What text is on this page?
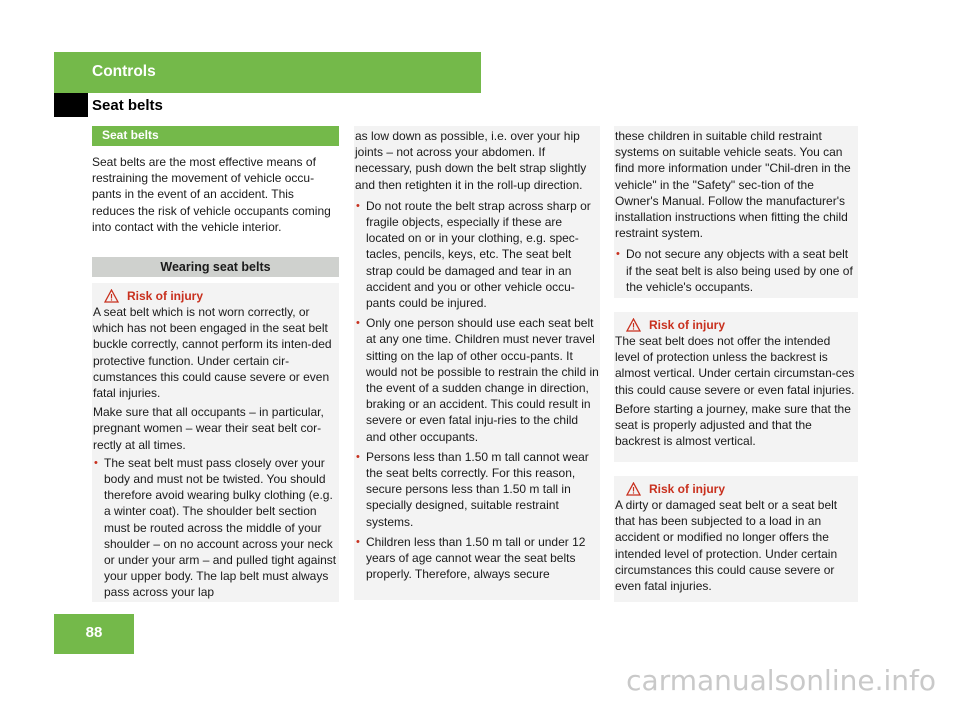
Controls
Seat belts
Seat belts

Seat belts are the most effective means of restraining the movement of vehicle occu-pants in the event of an accident. This reduces the risk of vehicle occupants coming into contact with the vehicle interior.

Wearing seat belts
Risk of injury

A seat belt which is not worn correctly, or which has not been engaged in the seat belt buckle correctly, cannot perform its inten-ded protective function. Under certain cir-cumstances this could cause severe or even fatal injuries.

Make sure that all occupants – in particular, pregnant women – wear their seat belt cor-rectly at all times.

• The seat belt must pass closely over your body and must not be twisted. You should therefore avoid wearing bulky clothing (e.g. a winter coat). The shoulder belt section must be routed across the middle of your shoulder – on no account across your neck or under your arm – and pulled tight against your upper body. The lap belt must always pass across your lap

as low down as possible, i.e. over your hip joints – not across your abdomen. If necessary, push down the belt strap slightly and then retighten it in the roll-up direction.

• Do not route the belt strap across sharp or fragile objects, especially if these are located on or in your clothing, e.g. spec-tacles, pencils, keys, etc. The seat belt strap could be damaged and tear in an accident and you or other vehicle occu-pants could be injured.
• Only one person should use each seat belt at any one time. Children must never travel sitting on the lap of other occu-pants. It would not be possible to restrain the child in the event of a sudden change in direction, braking or an accident. This could result in severe or even fatal inju-ries to the child and other occupants.
• Persons less than 1.50 m tall cannot wear the seat belts correctly. For this reason, secure persons less than 1.50 m tall in specially designed, suitable restraint systems.
• Children less than 1.50 m tall or under 12 years of age cannot wear the seat belts properly. Therefore, always secure

these children in suitable child restraint systems on suitable vehicle seats. You can find more information under "Chil-dren in the vehicle" in the "Safety" sec-tion of the Owner's Manual. Follow the manufacturer's installation instructions when fitting the child restraint system.

• Do not secure any objects with a seat belt if the seat belt is also being used by one of the vehicle's occupants.
Risk of injury

The seat belt does not offer the intended level of protection unless the backrest is almost vertical. Under certain circumstan-ces this could cause severe or even fatal injuries.

Before starting a journey, make sure that the seat is properly adjusted and that the backrest is almost vertical.

Risk of injury

A dirty or damaged seat belt or a seat belt that has been subjected to a load in an accident or modified no longer offers the intended level of protection. Under certain circumstances this could cause severe or even fatal injuries.

88
carmanualsonline.info
